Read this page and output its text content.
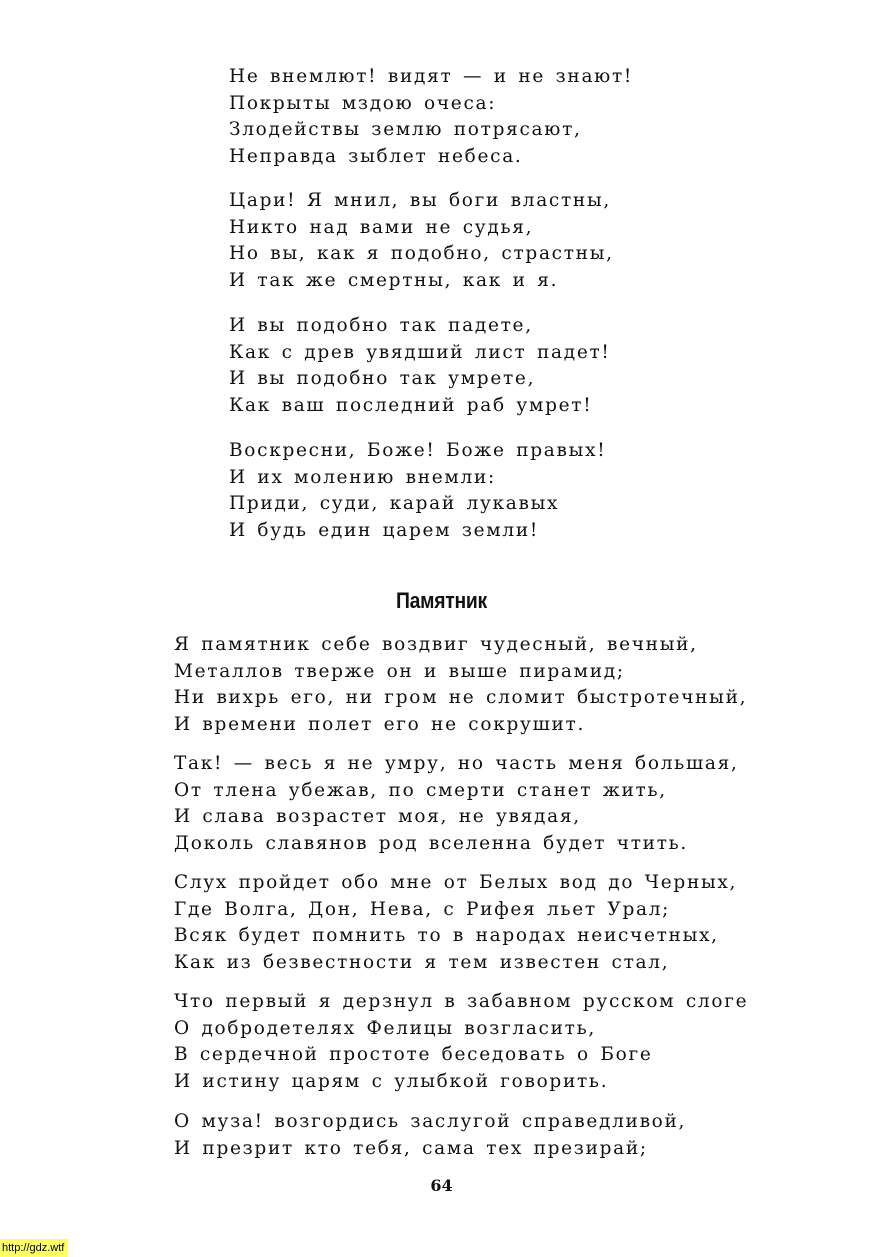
Не внемлют! видят — и не знают!
Покрыты мздою очеса:
Злодействы землю потрясают,
Неправда зыблет небеса.
Цари! Я мнил, вы боги властны,
Никто над вами не судья,
Но вы, как я подобно, страстны,
И так же смертны, как и я.
И вы подобно так падете,
Как с древ увядший лист падет!
И вы подобно так умрете,
Как ваш последний раб умрет!
Воскресни, Боже! Боже правых!
И их молению внемли:
Приди, суди, карай лукавых
И будь един царем земли!
Памятник
Я памятник себе воздвиг чудесный, вечный,
Металлов тверже он и выше пирамид;
Ни вихрь его, ни гром не сломит быстротечный,
И времени полет его не сокрушит.
Так! — весь я не умру, но часть меня большая,
От тлена убежав, по смерти станет жить,
И слава возрастет моя, не увядая,
Доколь славянов род вселенна будет чтить.
Слух пройдет обо мне от Белых вод до Черных,
Где Волга, Дон, Нева, с Рифея льет Урал;
Всяк будет помнить то в народах неисчетных,
Как из безвестности я тем известен стал,
Что первый я дерзнул в забавном русском слоге
О добродетелях Фелицы возгласить,
В сердечной простоте беседовать о Боге
И истину царям с улыбкой говорить.
О муза! возгордись заслугой справедливой,
И презрит кто тебя, сама тех презирай;
64
http://gdz.wtf
